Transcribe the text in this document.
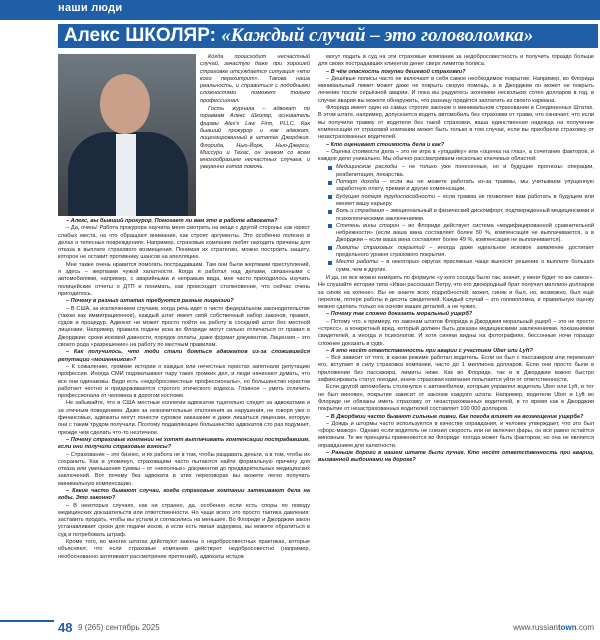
наши люди
Алекс ШКОЛЯР: «Каждый случай – это головоломка»

Когда происходит несчастный случай, зачастую даже при хорошей страховке отсуждается ситуация «кто кого перехитрит». Такова наша реальность, и справиться с подобными сложностями поможет только профессионал.

Гость журнала – адвокат по травмам Алекс Школяр, основатель фирмы Alex's Law Firm, PLLC. Как бывший прокурор и как адвокат, лицензированный в штатах Джорджия, Флорида, Нью-Йорк, Нью-Джерси, Миссури и Техас, он знаком со всем многообразием несчастных случаев, и уверенно готов помочь.

– Алекс, вы бывший прокурор. Помогает ли вам это в работе адвоката?

– Да, очень! Работа прокурора научила меня смотреть на вещи с другой стороны: как юрист слабых места, на что обращают внимание, как строят аргументы. Это особенно полезно в делах о телесных повреждениях. Например, страховые компании любят находить причины для отказа в выплате страхового возмещения. Понимая их стратегию, можно построить защиту, которое не оставит противнику шансов на апелляцию.

Мне также очень нравится помогать пострадавшим. Там они были жертвами преступлений, я здесь – жертвами чужой халатности. Когда я работал над делами, связанными с автомобилями, например, с аварийными и неправым вида, мне часто приходилось изучать полицейские отчеты о ДТП и понимать, как происходит столкновение, что сейчас очень пригодилось.

– Почему в разных штатах требуются разные лицензии?

– В США, за исключением случаев, когда речь идет о чисто федеральном законодательстве (таком как иммиграционное), каждый штат имеет свой собственный набор законов, правил, судов и процедур. Адвокат не может просто пойти на работу в соседний штат без местной лицензии. Например, правила подачи иска во Флориде могут сильно отличаться от правил в Джорджии: сроки исковой давности, порядок оплаты, даже формат документов. Лицензия – это своего рода «разрешение» на работу по местным правилам.

– Как получилось, что люди стали бояться адвокатов из-за сложившейся репутации «мошенников»?

– К сожалению, громкие истории о каждых или нечестных юристах запятнали репутацию профессии. Иногда СМИ подхватывают пару таких громких дел, и люди начинают думать, что все они одинаковы. Видя есть «недобросовестные профессионалы», но большинство юристов работает честно и придерживаются строгого этического кодекса. Главное – уметь отличить профессионала от человека в дорогом костюме.

Не забывайте, что в США местные коллегии адвокатов тщательно следят за адвокатами и за этичным поведением. Даже за незначительные отклонения за нарушения, не говоря уже о финансовых, адвокаты могут понести суровое наказание и даже лишиться лицензии, которую они с таким трудом получали. Поэтому подавляющее большинство адвокатов сто раз подумает, прежде чем сделать что-то неэтичное.

– Почему страховые компании не хотят выплачивать компенсации пострадавшим, если они получили страховые взносы?

– Страхование – это бизнес, и их работа не в том, чтобы раздавать деньги, а в том, чтобы их сохранить. Как и упомянул, страховщики часто пытаются найти формальную причину для отказа или уменьшения суммы – от «неполных» документов до предварительных медицинских заключений. Вот почему без адвоката в этих переговорах вы можете легко получить минимальную компенсацию.

– Какие часто бывают случаи, когда страховые компании затягивают дела на годы. Это законно?

– В некоторых случаях, как ни странно, да, особенно если есть споры по поводу медицинских доказательств или ответственности. Но чаще всего это просто тактика давления: заставить продать, чтобы вы устали и согласились на меньшее. Во Флориде и Джорджии закон устанавливает сроки для подачи исков, и если есть явная задержка, вы можете обратиться в суд и потребовать штраф.

Кроме того, во многих штатах действуют законы о недобросовестных практиках, которые объясняют, что если страховые компании действуют недобросовестно (например, необоснованно затягивают рассмотрение претензий), адвокаты истцов

могут подать в суд на эти страховые компании за недобросовестность и получить гораздо больше для своих пострадавших клиентов денег сверх лимитов полиса.

– В чём опасность покупки дешевой страховки?

– Дешёвые полисы часто не включают в себя самое необходимое покрытие. Например, во Флорида минимальный лимит может даже не покрыть скорую помощь, а в Джорджии он может не покрыть лечение после серьёзной аварии. И пока вы радуетесь экономии нескольких сотен долларов в год, в случае аварии вы можете обнаружить, что разницу придётся заплатить из своего кармана.

Флорида имеет один из самых строгих законов о минимальном страховании в Соединенных Штатах. В этом штате, например, допускается водить автомобиль без страховки от травм, что означает, что если вы получили травму от водителя без такой страховки, ваша единственная надежда на получение компенсации от страховой компании может быть только в том случае, если вы приобрели страховку от незастрахованных водителей.

– Кто оценивает стоимость дела и как?

– Оценка стоимости дела – это не игра в «угадайку» или «оценка на глаз», а сочетание факторов, и каждое дело уникально. Мы обычно рассматриваем несколько ключевых областей:

Медицинские расходы – не только уже понесенные, но и будущие прогнозы: операции, реабилитация, лекарства.
Потеря дохода – если вы не можете работать из-за травмы, мы учитываем упущенную заработную плату, премии и другие компенсации.
Будущая потеря трудоспособности – если травма не позволяет вам работать в будущем или меняет вашу карьеру.
Боль и страдания – эмоциональный и физический дискомфорт, подтвержденный медицинскими и психологическими заключениями.
Степень вины сторон – во Флориде действует система «модифицированной сравнительной небрежности» (если ваша вина составляет более 50 %, компенсация не выплачивается, а в Джорджии – если ваша вина составляет более 49 %, компенсация не выплачивается).
Лимиты страховых покрытий – иногда даже идеальное исковое заявление достигает предельного уровня страхового покрытия.
Место работы – в некоторых округах присяжные чаще выносят решение о выплате больших сумм, чем в других.

И да, не все можно измерить по формуле «у кого соседа было так, значит, у меня будет то же самое». Не слушайте истории типа «Иван рассказал Петру, что его двоюродный брат получил миллион долларов за синяк на колене». Вы не знаете всех подробностей; может, синяк и был, но, возможно, был ещё перелом, потеря работы и десять свидетелей. Каждый случай – это головоломка, и правильную оценку можно сделать только на основе ваших деталей, а не чужих.

– Почему так сложно доказать моральный ущерб?

– Потому что, к примеру, по законам штатов Флорида и Джорджия моральный ущерб – это не просто «стресс», а конкретный вред, который должен быть доказан медицинскими заключениями, показаниями свидетелей, а иногда и психологов. И хотя синяки видны на фотографиях, бессонные ночи гораздо сложнее доказать в суде.

– А кто несёт ответственность при аварии с участием Uber или Lyft?

– Всё зависит от того, в каком режиме работал водитель. Если он был с пассажиром или перевозил его, вступает в силу страховка компании, часто до 1 миллиона долларов. Если они просто были в приложении без пассажира, лимиты ниже. Как во Флориде, так и в Джорджии важно быстро зафиксировать статус поездки, иначе страховая компания попытается уйти от ответственности.

Если другой автомобиль столкнулся с автомобилем, которым управлял водитель Uber или Lyft, и тот не был виновен, покрытие зависит от законов каждого штата. Например, водители Uber и Lyft во Флориде не обязаны иметь страховку от незастрахованных водителей, в то время как в Джорджии покрытие от незастрахованных водителей составляет 100 000 долларов.

– В Джорджии часто бывают сильные ливни. Как погода влияет на возмещение ущерба?

– Дождь и штормы часто используются в качестве оправдания, и человек утверждает, что это был «форс-мажор». Однако если водитель не снизил скорость или не включил фары, он всё равно остаётся виновным. Те же принципы применяются во Флориде: погода может быть фактором, но она не является оправданием для халатности.

– Раньше дороги в нашем штате были лучше. Кто несёт ответственность при аварии, вызванной выбоинами на дороге?

48 9 (265) сентябрь 2025	www.russiantown.com
